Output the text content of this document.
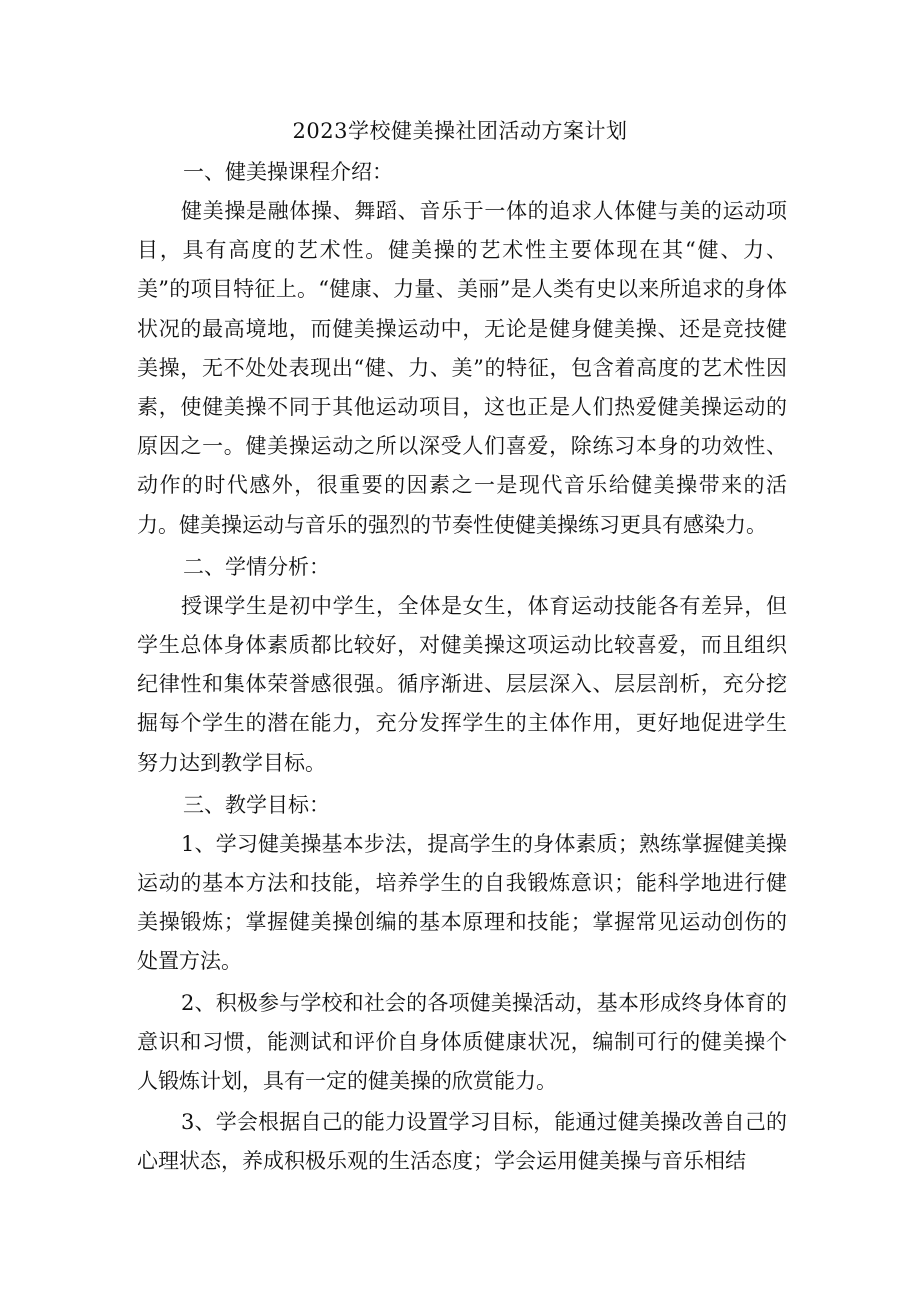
2023学校健美操社团活动方案计划

一、健美操课程介绍：

健美操是融体操、舞蹈、音乐于一体的追求人体健与美的运动项目，具有高度的艺术性。健美操的艺术性主要体现在其“健、力、美”的项目特征上。“健康、力量、美丽”是人类有史以来所追求的身体状况的最高境地，而健美操运动中，无论是健身健美操、还是竞技健美操，无不处处表现出“健、力、美”的特征，包含着高度的艺术性因素，使健美操不同于其他运动项目，这也正是人们热爱健美操运动的原因之一。健美操运动之所以深受人们喜爱，除练习本身的功效性、动作的时代感外，很重要的因素之一是现代音乐给健美操带来的活力。健美操运动与音乐的强烈的节奏性使健美操练习更具有感染力。

二、学情分析：

授课学生是初中学生，全体是女生，体育运动技能各有差异，但学生总体身体素质都比较好，对健美操这项运动比较喜爱，而且组织纪律性和集体荣誉感很强。循序渐进、层层深入、层层剖析，充分挖掘每个学生的潜在能力，充分发挥学生的主体作用，更好地促进学生努力达到教学目标。

三、教学目标：

1、学习健美操基本步法，提高学生的身体素质；熟练掌握健美操运动的基本方法和技能，培养学生的自我锻炼意识；能科学地进行健美操锻炼；掌握健美操创编的基本原理和技能；掌握常见运动创伤的处置方法。

2、积极参与学校和社会的各项健美操活动，基本形成终身体育的意识和习惯，能测试和评价自身体质健康状况，编制可行的健美操个人锻炼计划，具有一定的健美操的欣赏能力。

3、学会根据自己的能力设置学习目标，能通过健美操改善自己的心理状态，养成积极乐观的生活态度；学会运用健美操与音乐相结
